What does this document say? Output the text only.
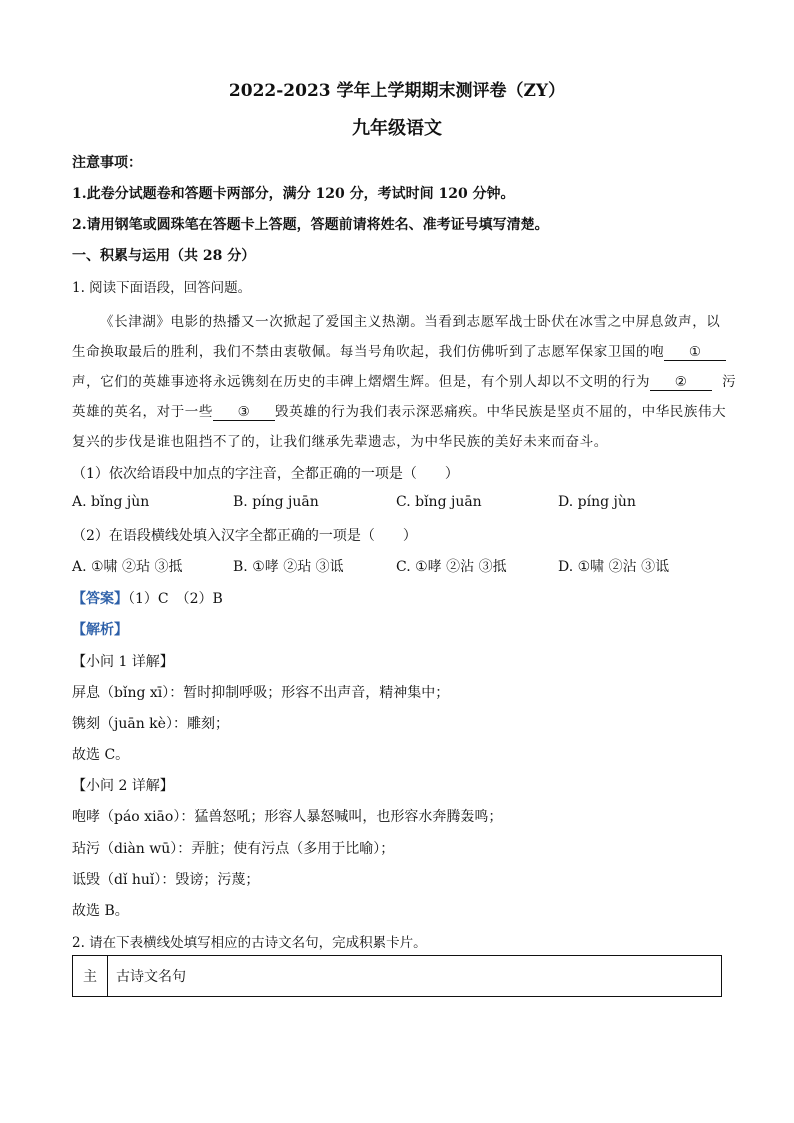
2022-2023 学年上学期期末测评卷（ZY）
九年级语文
注意事项：
1.此卷分试题卷和答题卡两部分，满分 120 分，考试时间 120 分钟。
2.请用钢笔或圆珠笔在答题卡上答题，答题前请将姓名、准考证号填写清楚。
一、积累与运用（共 28 分）
1. 阅读下面语段，回答问题。
《长津湖》电影的热播又一次掀起了爱国主义热潮。当看到志愿军战士卧伏在冰雪之中屏息敛声，以
生命换取最后的胜利，我们不禁由衷敬佩。每当号角吹起，我们仿佛听到了志愿军保家卫国的咆 ①
声，它们的英雄事迹将永远镌刻在历史的丰碑上熠熠生辉。但是，有个别人却以不文明的行为 ②	污
英雄的英名，对于一些 ③ 毁英雄的行为我们表示深恶痛疾。中华民族是坚贞不屈的，中华民族伟大
复兴的步伐是谁也阻挡不了的，让我们继承先辈遗志，为中华民族的美好未来而奋斗。
（1）依次给语段中加点的字注音，全都正确的一项是（　　）
A. bǐng jùn	B. píng juān	C. bǐng juān	D. píng jùn
（2）在语段横线处填入汉字全都正确的一项是（　　）
A. ①啸 ②玷 ③抵	B. ①哮 ②玷 ③诋	C. ①哮 ②沾 ③抵	D. ①啸 ②沾 ③诋
【答案】（1）C　（2）B
【解析】
【小问 1 详解】
屏息（bǐng xī）：暂时抑制呼吸；形容不出声音，精神集中；
镌刻（juān kè）：雕刻；
故选 C。
【小问 2 详解】
咆哮（páo xiāo）：猛兽怒吼；形容人暴怒喊叫，也形容水奔腾轰鸣；
玷污（diàn wū）：弄脏；使有污点（多用于比喻）；
诋毁（dǐ huǐ）：毁谤；污蔑；
故选 B。
2. 请在下表横线处填写相应的古诗文名句，完成积累卡片。
主	古诗文名句
